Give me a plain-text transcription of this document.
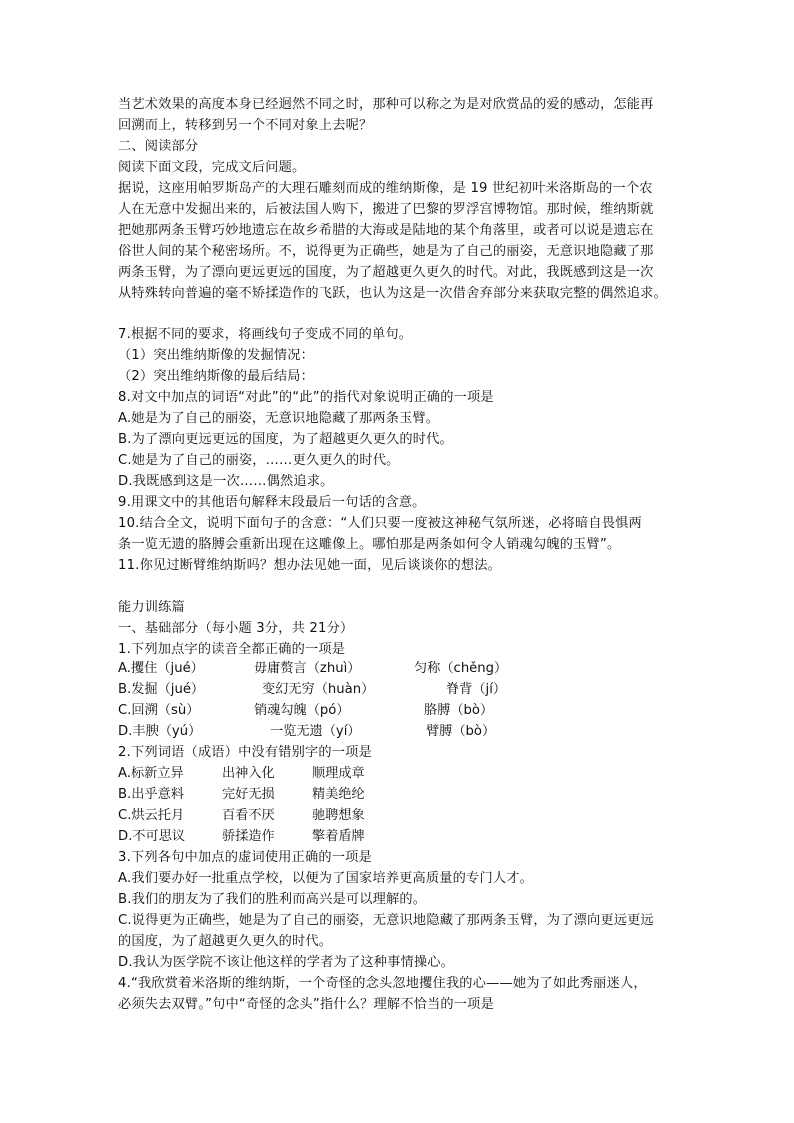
当艺术效果的高度本身已经迥然不同之时，那种可以称之为是对欣赏品的爱的感动，怎能再
回溯而上，转移到另一个不同对象上去呢？
二、阅读部分
阅读下面文段，完成文后问题。
据说，这座用帕罗斯岛产的大理石雕刻而成的维纳斯像，是 19 世纪初叶米洛斯岛的一个农
人在无意中发掘出来的，后被法国人购下，搬进了巴黎的罗浮宫博物馆。那时候，维纳斯就
把她那两条玉臂巧妙地遗忘在故乡希腊的大海或是陆地的某个角落里，或者可以说是遗忘在
俗世人间的某个秘密场所。不，说得更为正确些，她是为了自己的丽姿，无意识地隐藏了那
两条玉臂，为了漂向更远更远的国度，为了超越更久更久的时代。对此，我既感到这是一次
从特殊转向普遍的毫不矫揉造作的飞跃，也认为这是一次借舍弃部分来获取完整的偶然追求。
7.根据不同的要求，将画线句子变成不同的单句。
（1）突出维纳斯像的发掘情况：
（2）突出维纳斯像的最后结局：
8.对文中加点的词语“对此”的“此”的指代对象说明正确的一项是
A.她是为了自己的丽姿，无意识地隐藏了那两条玉臂。
B.为了漂向更远更远的国度，为了超越更久更久的时代。
C.她是为了自己的丽姿，……更久更久的时代。
D.我既感到这是一次……偶然追求。
9.用课文中的其他语句解释末段最后一句话的含意。
10.结合全文，说明下面句子的含意：“人们只要一度被这神秘气氛所迷，必将暗自畏惧两
条一览无遗的胳膊会重新出现在这雕像上。哪怕那是两条如何令人销魂勾魄的玉臂”。
11.你见过断臂维纳斯吗？想办法见她一面，见后谈谈你的想法。
能力训练篇
一、基础部分（每小题 3分，共 21分）
1.下列加点字的读音全都正确的一项是
A.攫住（jué）	毋庸赘言（zhuì）	匀称（chěng）
B.发掘（jué）	变幻无穷（huàn）	脊背（jí）
C.回溯（sù）	销魂勾魄（pó）	胳膊（bò）
D.丰腴（yú）	一览无遗（yí）	臂膊（bò）
2.下列词语（成语）中没有错别字的一项是
A.标新立异	出神入化	顺理成章
B.出乎意料	完好无损	精美绝纶
C.烘云托月	百看不厌	驰聘想象
D.不可思议	骄揉造作	擎着盾牌
3.下列各句中加点的虚词使用正确的一项是
A.我们要办好一批重点学校，以便为了国家培养更高质量的专门人才。
B.我们的朋友为了我们的胜利而高兴是可以理解的。
C.说得更为正确些，她是为了自己的丽姿，无意识地隐藏了那两条玉臂，为了漂向更远更远
的国度，为了超越更久更久的时代。
D.我认为医学院不该让他这样的学者为了这种事情操心。
4.“我欣赏着米洛斯的维纳斯，一个奇怪的念头忽地攫住我的心——她为了如此秀丽迷人，
必须失去双臂。”句中“奇怪的念头”指什么？理解不恰当的一项是
